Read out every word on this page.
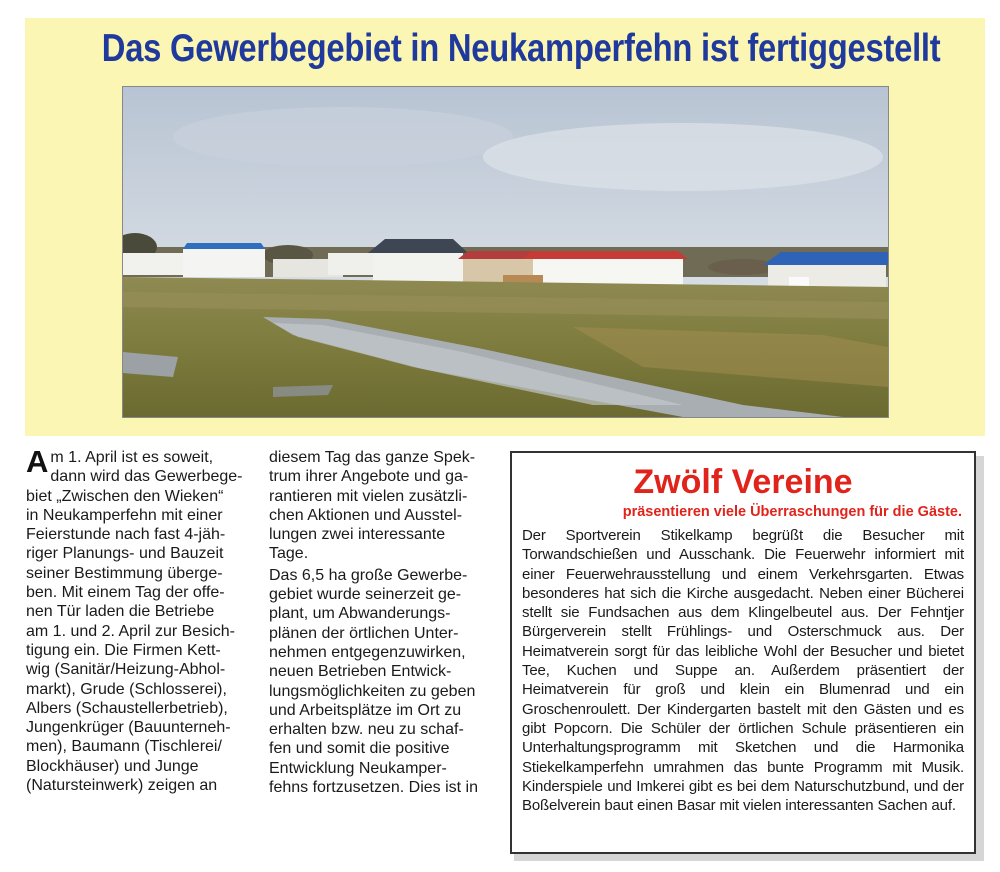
Das Gewerbegebiet in Neukamperfehn ist fertiggestellt

A m 1. April ist es soweit,
dann wird das Gewerbege-
biet „Zwischen den Wieken“
in Neukamperfehn mit einer
Feierstunde nach fast 4-jäh-
riger Planungs- und Bauzeit
seiner Bestimmung überge-
ben. Mit einem Tag der offe-
nen Tür laden die Betriebe
am 1. und 2. April zur Besich-
tigung ein. Die Firmen Kett-
wig (Sanitär/Heizung-Abhol-
markt), Grude (Schlosserei),
Albers (Schaustellerbetrieb),
Jungenkrüger (Bauunterneh-
men), Baumann (Tischlerei/
Blockhäuser) und Junge
(Natursteinwerk) zeigen an

diesem Tag das ganze Spek-
trum ihrer Angebote und ga-
rantieren mit vielen zusätzli-
chen Aktionen und Ausstel-
lungen zwei interessante
Tage.

Das 6,5 ha große Gewerbe-
gebiet wurde seinerzeit ge-
plant, um Abwanderungs-
plänen der örtlichen Unter-
nehmen entgegenzuwirken,
neuen Betrieben Entwick-
lungsmöglichkeiten zu geben
und Arbeitsplätze im Ort zu
erhalten bzw. neu zu schaf-
fen und somit die positive
Entwicklung Neukamper-
fehns fortzusetzen. Dies ist in

Zwölf Vereine

präsentieren viele Überraschungen für die Gäste.

Der Sportverein Stikelkamp begrüßt die Besucher mit Torwandschießen und Ausschank. Die Feuerwehr informiert mit einer Feuerwehrausstellung und einem Verkehrsgarten. Etwas besonderes hat sich die Kirche ausgedacht. Neben einer Bücherei stellt sie Fundsachen aus dem Klingelbeutel aus. Der Fehntjer Bürgerverein stellt Frühlings- und Osterschmuck aus. Der Heimatverein sorgt für das leibliche Wohl der Besucher und bietet Tee, Kuchen und Suppe an. Außerdem präsentiert der Heimatverein für groß und klein ein Blumenrad und ein Groschenroulett. Der Kindergarten bastelt mit den Gästen und es gibt Popcorn. Die Schüler der örtlichen Schule präsentieren ein Unterhaltungsprogramm mit Sketchen und die Harmonika Stiekelkamperfehn umrahmen das bunte Programm mit Musik. Kinderspiele und Imkerei gibt es bei dem Naturschutzbund, und der Boßelverein baut einen Basar mit vielen interessanten Sachen auf.
